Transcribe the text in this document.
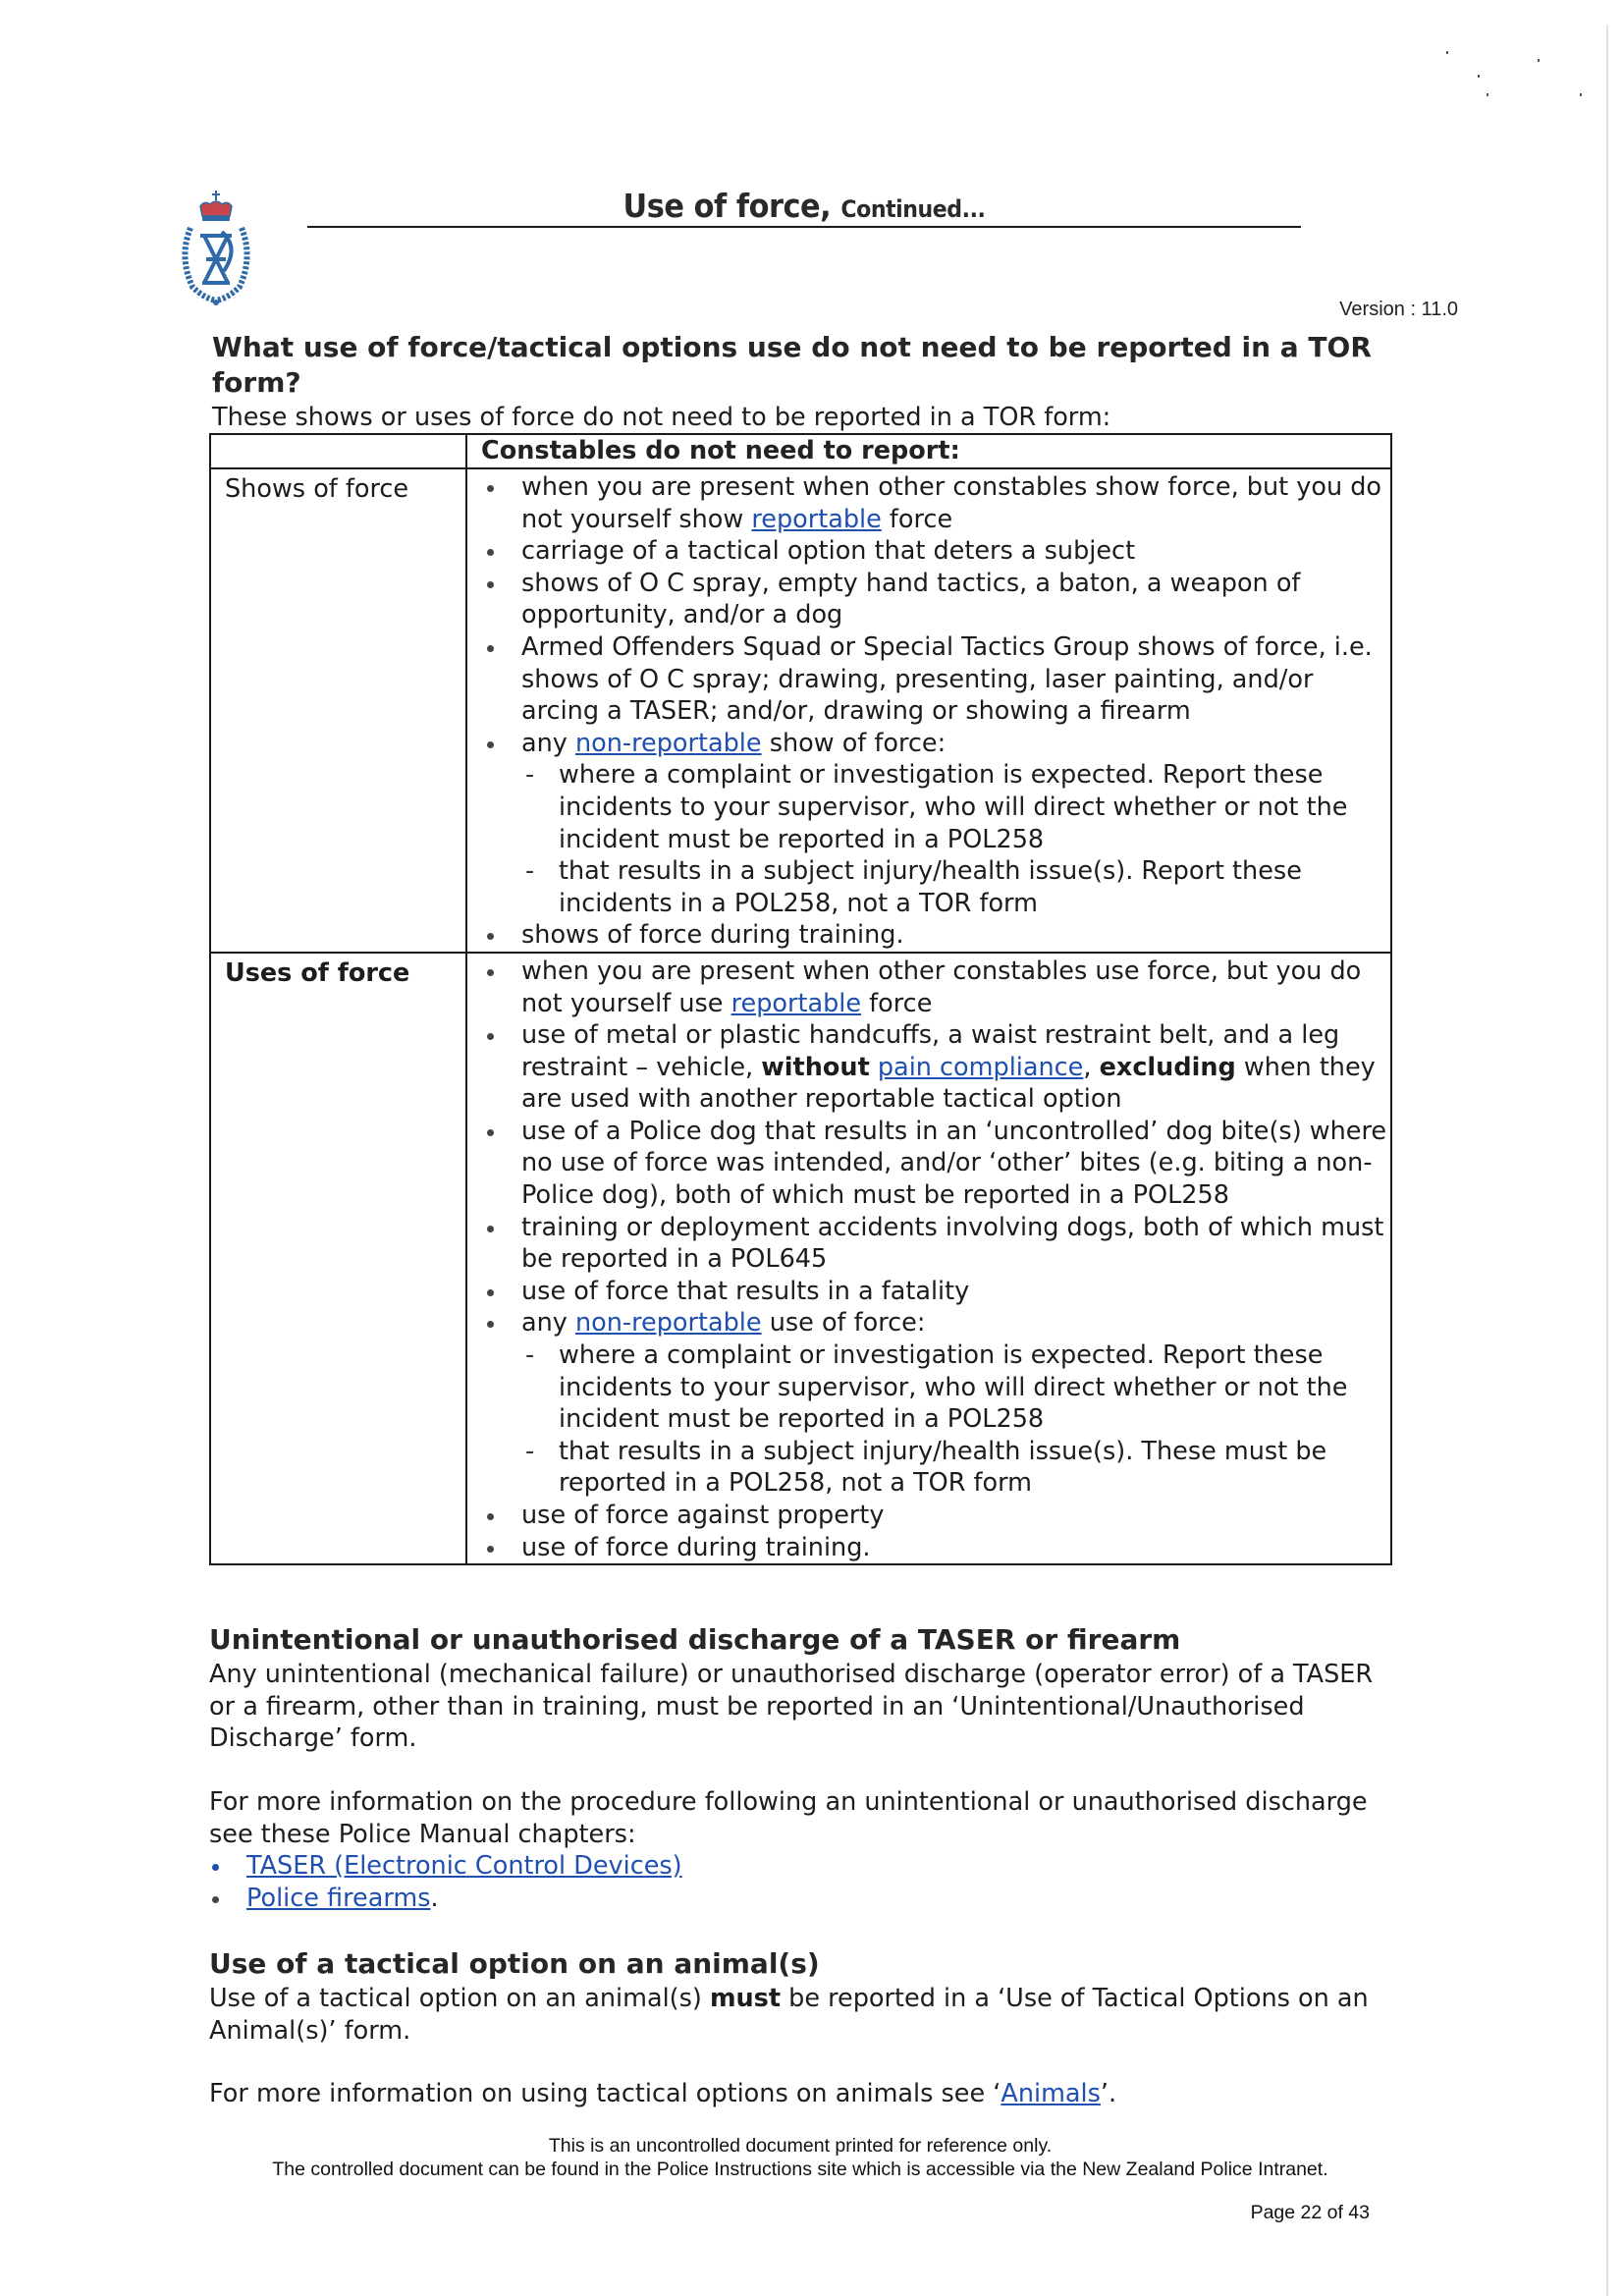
Use of force, Continued...
Version : 11.0
What use of force/tactical options use do not need to be reported in a TOR form?
These shows or uses of force do not need to be reported in a TOR form:

	Constables do not need to report:

Shows of force	when you are present when other constables show force, but you do not yourself show reportable force
carriage of a tactical option that deters a subject
shows of O C spray, empty hand tactics, a baton, a weapon of opportunity, and/or a dog
Armed Offenders Squad or Special Tactics Group shows of force, i.e. shows of O C spray; drawing, presenting, laser painting, and/or arcing a TASER; and/or, drawing or showing a firearm
any non-reportable show of force:
- where a complaint or investigation is expected. Report these incidents to your supervisor, who will direct whether or not the incident must be reported in a POL258
- that results in a subject injury/health issue(s). Report these incidents in a POL258, not a TOR form
shows of force during training.

Uses of force	when you are present when other constables use force, but you do not yourself use reportable force
use of metal or plastic handcuffs, a waist restraint belt, and a leg restraint – vehicle, without pain compliance, excluding when they are used with another reportable tactical option
use of a Police dog that results in an ‘uncontrolled’ dog bite(s) where no use of force was intended, and/or ‘other’ bites (e.g. biting a non-Police dog), both of which must be reported in a POL258
training or deployment accidents involving dogs, both of which must be reported in a POL645
use of force that results in a fatality
any non-reportable use of force:
- where a complaint or investigation is expected. Report these incidents to your supervisor, who will direct whether or not the incident must be reported in a POL258
- that results in a subject injury/health issue(s). These must be reported in a POL258, not a TOR form
use of force against property
use of force during training.
Unintentional or unauthorised discharge of a TASER or firearm
Any unintentional (mechanical failure) or unauthorised discharge (operator error) of a TASER or a firearm, other than in training, must be reported in an ‘Unintentional/Unauthorised Discharge’ form.
For more information on the procedure following an unintentional or unauthorised discharge see these Police Manual chapters:
TASER (Electronic Control Devices)
Police firearms.
Use of a tactical option on an animal(s)
Use of a tactical option on an animal(s) must be reported in a ‘Use of Tactical Options on an Animal(s)’ form.
For more information on using tactical options on animals see ‘Animals’.
This is an uncontrolled document printed for reference only.
The controlled document can be found in the Police Instructions site which is accessible via the New Zealand Police Intranet.
Page 22 of 43
